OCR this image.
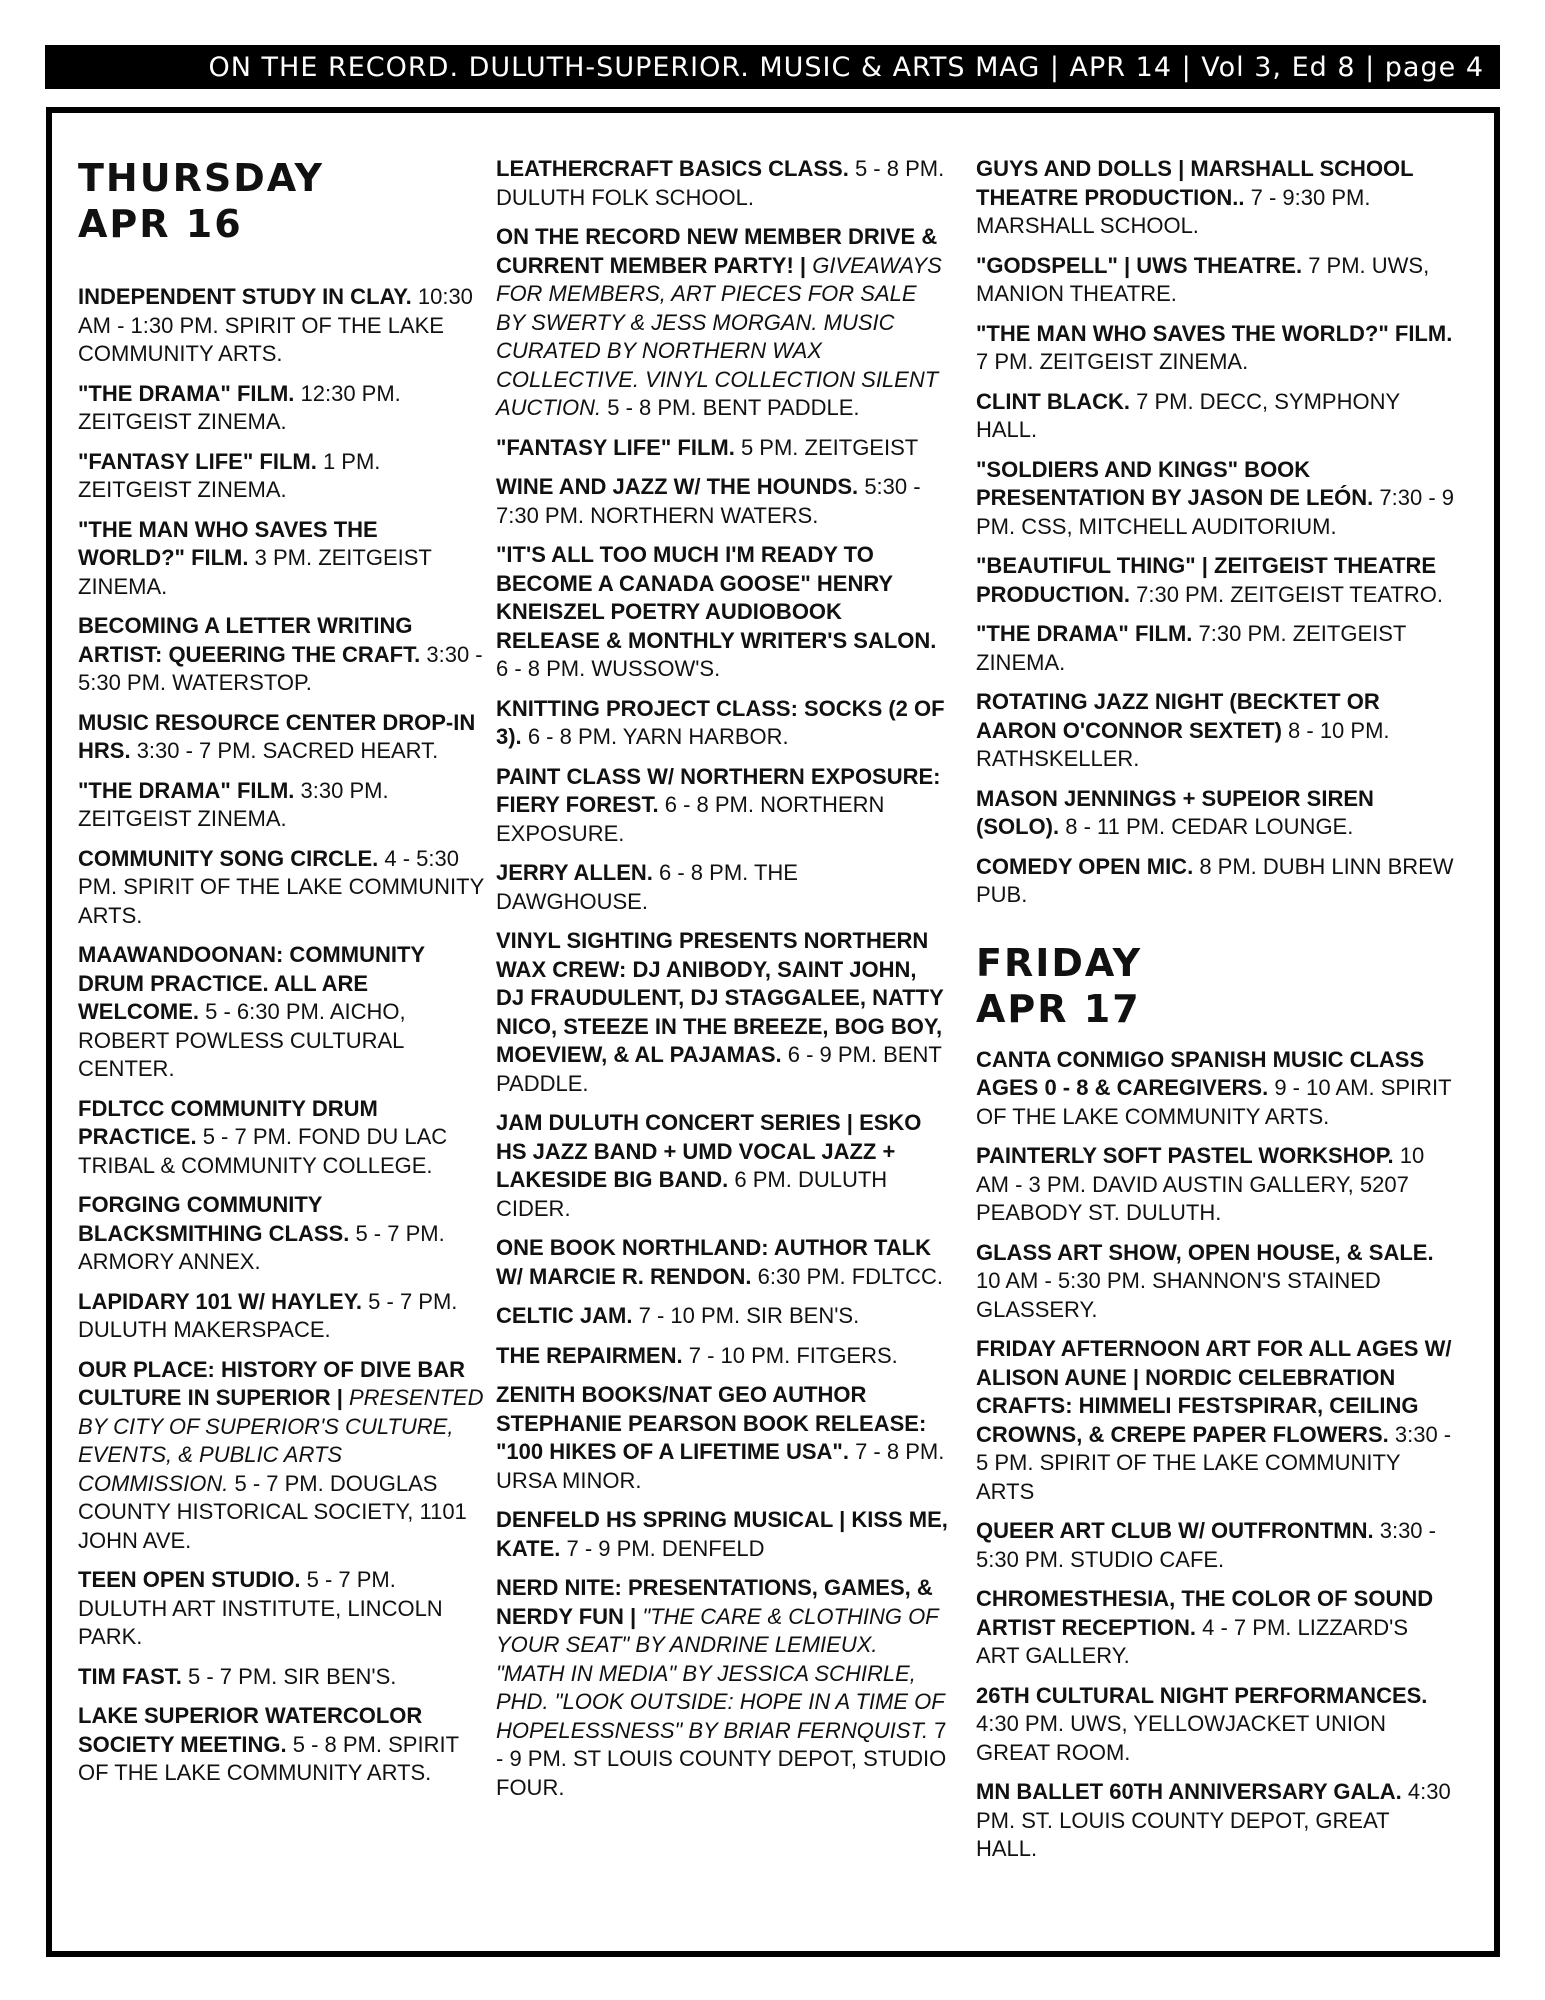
ON THE RECORD. DULUTH-SUPERIOR. MUSIC & ARTS MAG | APR 14 | Vol 3, Ed 8 | page 4
THURSDAY
APR 16
INDEPENDENT STUDY IN CLAY. 10:30 AM - 1:30 PM. SPIRIT OF THE LAKE COMMUNITY ARTS.
"THE DRAMA" FILM. 12:30 PM. ZEITGEIST ZINEMA.
"FANTASY LIFE" FILM. 1 PM. ZEITGEIST ZINEMA.
"THE MAN WHO SAVES THE WORLD?" FILM. 3 PM. ZEITGEIST ZINEMA.
BECOMING A LETTER WRITING ARTIST: QUEERING THE CRAFT. 3:30 - 5:30 PM. WATERSTOP.
MUSIC RESOURCE CENTER DROP-IN HRS. 3:30 - 7 PM. SACRED HEART.
"THE DRAMA" FILM. 3:30 PM. ZEITGEIST ZINEMA.
COMMUNITY SONG CIRCLE. 4 - 5:30 PM. SPIRIT OF THE LAKE COMMUNITY ARTS.
MAAWANDOONAN: COMMUNITY DRUM PRACTICE. ALL ARE WELCOME. 5 - 6:30 PM. AICHO, ROBERT POWLESS CULTURAL CENTER.
FDLTCC COMMUNITY DRUM PRACTICE. 5 - 7 PM. FOND DU LAC TRIBAL & COMMUNITY COLLEGE.
FORGING COMMUNITY BLACKSMITHING CLASS. 5 - 7 PM. ARMORY ANNEX.
LAPIDARY 101 W/ HAYLEY. 5 - 7 PM. DULUTH MAKERSPACE.
OUR PLACE: HISTORY OF DIVE BAR CULTURE IN SUPERIOR | PRESENTED BY CITY OF SUPERIOR'S CULTURE, EVENTS, & PUBLIC ARTS COMMISSION. 5 - 7 PM. DOUGLAS COUNTY HISTORICAL SOCIETY, 1101 JOHN AVE.
TEEN OPEN STUDIO. 5 - 7 PM. DULUTH ART INSTITUTE, LINCOLN PARK.
TIM FAST. 5 - 7 PM. SIR BEN'S.
LAKE SUPERIOR WATERCOLOR SOCIETY MEETING. 5 - 8 PM. SPIRIT OF THE LAKE COMMUNITY ARTS.
LEATHERCRAFT BASICS CLASS. 5 - 8 PM. DULUTH FOLK SCHOOL.
ON THE RECORD NEW MEMBER DRIVE & CURRENT MEMBER PARTY! | GIVEAWAYS FOR MEMBERS, ART PIECES FOR SALE BY SWERTY & JESS MORGAN. MUSIC CURATED BY NORTHERN WAX COLLECTIVE. VINYL COLLECTION SILENT AUCTION. 5 - 8 PM. BENT PADDLE.
"FANTASY LIFE" FILM. 5 PM. ZEITGEIST
WINE AND JAZZ W/ THE HOUNDS. 5:30 - 7:30 PM. NORTHERN WATERS.
"IT'S ALL TOO MUCH I'M READY TO BECOME A CANADA GOOSE" HENRY KNEISZEL POETRY AUDIOBOOK RELEASE & MONTHLY WRITER'S SALON. 6 - 8 PM. WUSSOW'S.
KNITTING PROJECT CLASS: SOCKS (2 OF 3). 6 - 8 PM. YARN HARBOR.
PAINT CLASS W/ NORTHERN EXPOSURE: FIERY FOREST. 6 - 8 PM. NORTHERN EXPOSURE.
JERRY ALLEN. 6 - 8 PM. THE DAWGHOUSE.
VINYL SIGHTING PRESENTS NORTHERN WAX CREW: DJ ANIBODY, SAINT JOHN, DJ FRAUDULENT, DJ STAGGALEE, NATTY NICO, STEEZE IN THE BREEZE, BOG BOY, MOEVIEW, & AL PAJAMAS. 6 - 9 PM. BENT PADDLE.
JAM DULUTH CONCERT SERIES | ESKO HS JAZZ BAND + UMD VOCAL JAZZ + LAKESIDE BIG BAND. 6 PM. DULUTH CIDER.
ONE BOOK NORTHLAND: AUTHOR TALK W/ MARCIE R. RENDON. 6:30 PM. FDLTCC.
CELTIC JAM. 7 - 10 PM. SIR BEN'S.
THE REPAIRMEN. 7 - 10 PM. FITGERS.
ZENITH BOOKS/NAT GEO AUTHOR STEPHANIE PEARSON BOOK RELEASE: "100 HIKES OF A LIFETIME USA". 7 - 8 PM. URSA MINOR.
DENFELD HS SPRING MUSICAL | KISS ME, KATE. 7 - 9 PM. DENFELD
NERD NITE: PRESENTATIONS, GAMES, & NERDY FUN | "THE CARE & CLOTHING OF YOUR SEAT" BY ANDRINE LEMIEUX. "MATH IN MEDIA" BY JESSICA SCHIRLE, PHD. "LOOK OUTSIDE: HOPE IN A TIME OF HOPELESSNESS" BY BRIAR FERNQUIST. 7 - 9 PM. ST LOUIS COUNTY DEPOT, STUDIO FOUR.
GUYS AND DOLLS | MARSHALL SCHOOL THEATRE PRODUCTION.. 7 - 9:30 PM. MARSHALL SCHOOL.
"GODSPELL" | UWS THEATRE. 7 PM. UWS, MANION THEATRE.
"THE MAN WHO SAVES THE WORLD?" FILM. 7 PM. ZEITGEIST ZINEMA.
CLINT BLACK. 7 PM. DECC, SYMPHONY HALL.
"SOLDIERS AND KINGS" BOOK PRESENTATION BY JASON DE LEÓN. 7:30 - 9 PM. CSS, MITCHELL AUDITORIUM.
"BEAUTIFUL THING" | ZEITGEIST THEATRE PRODUCTION. 7:30 PM. ZEITGEIST TEATRO.
"THE DRAMA" FILM. 7:30 PM. ZEITGEIST ZINEMA.
ROTATING JAZZ NIGHT (BECKTET OR AARON O'CONNOR SEXTET) 8 - 10 PM. RATHSKELLER.
MASON JENNINGS + SUPEIOR SIREN (SOLO). 8 - 11 PM. CEDAR LOUNGE.
COMEDY OPEN MIC. 8 PM. DUBH LINN BREW PUB.
FRIDAY
APR 17
CANTA CONMIGO SPANISH MUSIC CLASS AGES 0 - 8 & CAREGIVERS. 9 - 10 AM. SPIRIT OF THE LAKE COMMUNITY ARTS.
PAINTERLY SOFT PASTEL WORKSHOP. 10 AM - 3 PM. DAVID AUSTIN GALLERY, 5207 PEABODY ST. DULUTH.
GLASS ART SHOW, OPEN HOUSE, & SALE. 10 AM - 5:30 PM. SHANNON'S STAINED GLASSERY.
FRIDAY AFTERNOON ART FOR ALL AGES W/ ALISON AUNE | NORDIC CELEBRATION CRAFTS: HIMMELI FESTSPIRAR, CEILING CROWNS, & CREPE PAPER FLOWERS. 3:30 - 5 PM. SPIRIT OF THE LAKE COMMUNITY ARTS
QUEER ART CLUB W/ OUTFRONTMN. 3:30 - 5:30 PM. STUDIO CAFE.
CHROMESTHESIA, THE COLOR OF SOUND ARTIST RECEPTION. 4 - 7 PM. LIZZARD'S ART GALLERY.
26TH CULTURAL NIGHT PERFORMANCES. 4:30 PM. UWS, YELLOWJACKET UNION GREAT ROOM.
MN BALLET 60TH ANNIVERSARY GALA. 4:30 PM. ST. LOUIS COUNTY DEPOT, GREAT HALL.
